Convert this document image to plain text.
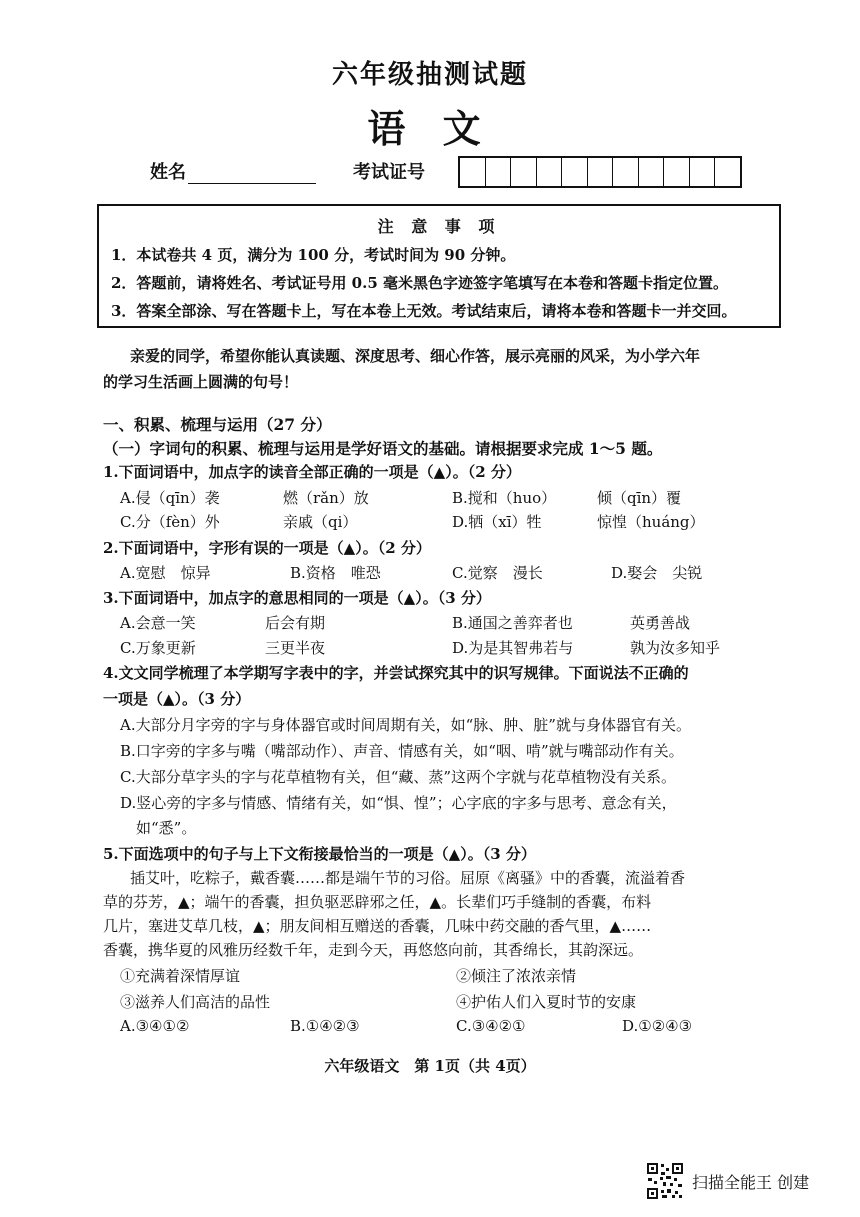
六年级抽测试题
语 文
姓名	考试证号
注 意 事 项
1．本试卷共 4 页，满分为 100 分，考试时间为 90 分钟。
2．答题前，请将姓名、考试证号用 0.5 毫米黑色字迹签字笔填写在本卷和答题卡指定位置。
3．答案全部涂、写在答题卡上，写在本卷上无效。考试结束后，请将本卷和答题卡一并交回。
亲爱的同学，希望你能认真读题、深度思考、细心作答，展示亮丽的风采，为小学六年
的学习生活画上圆满的句号！
一、积累、梳理与运用（27 分）
（一）字词句的积累、梳理与运用是学好语文的基础。请根据要求完成 1～5 题。
1.下面词语中，加点字的读音全部正确的一项是（▲）。（2 分）
A.侵（qīn）袭	燃（rǎn）放	B.搅和（huo）	倾（qīn）覆
C.分（fèn）外	亲戚（qi）	D.牺（xī）牲	惊惶（huáng）
2.下面词语中，字形有误的一项是（▲）。（2 分）
A.宽慰　惊异	B.资格　唯恐	C.觉察　漫长	D.娶会　尖锐
3.下面词语中，加点字的意思相同的一项是（▲）。（3 分）
A.会意一笑	后会有期	B.通国之善弈者也	英勇善战
C.万象更新	三更半夜	D.为是其智弗若与	孰为汝多知乎
4.文文同学梳理了本学期写字表中的字，并尝试探究其中的识写规律。下面说法不正确的
一项是（▲）。（3 分）
A.大部分月字旁的字与身体器官或时间周期有关，如“脉、肿、脏”就与身体器官有关。
B.口字旁的字多与嘴（嘴部动作）、声音、情感有关，如“咽、啃”就与嘴部动作有关。
C.大部分草字头的字与花草植物有关，但“藏、蒸”这两个字就与花草植物没有关系。
D.竖心旁的字多与情感、情绪有关，如“惧、惶”；心字底的字多与思考、意念有关，
如“悉”。
5.下面选项中的句子与上下文衔接最恰当的一项是（▲）。（3 分）
插艾叶，吃粽子，戴香囊……都是端午节的习俗。屈原《离骚》中的香囊，流溢着香
草的芬芳，▲；端午的香囊，担负驱恶辟邪之任，▲。长辈们巧手缝制的香囊，布料
几片，塞进艾草几枝，▲；朋友间相互赠送的香囊，几味中药交融的香气里，▲……
香囊，携华夏的风雅历经数千年，走到今天，再悠悠向前，其香绵长，其韵深远。
①充满着深情厚谊	②倾注了浓浓亲情
③滋养人们高洁的品性	④护佑人们入夏时节的安康
A.③④①②	B.①④②③	C.③④②①	D.①②④③
六年级语文　第 1页（共 4页）
扫描全能王 创建
